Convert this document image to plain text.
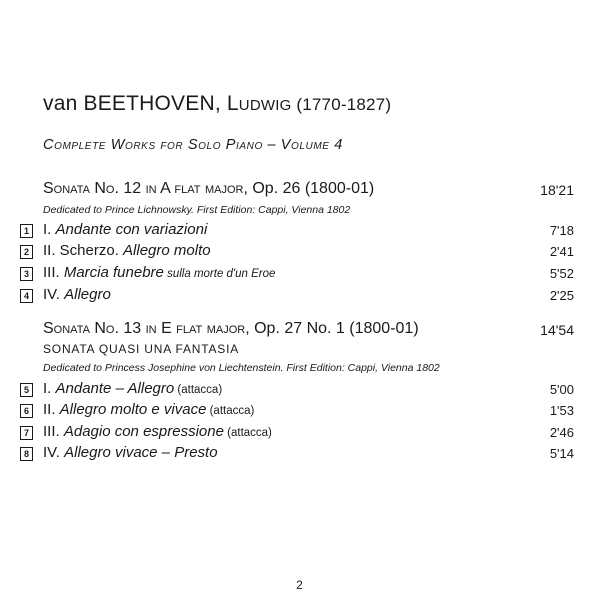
van BEETHOVEN, Ludwig (1770-1827)
Complete Works for Solo Piano – Volume 4
Sonata No. 12 in A flat major, Op. 26 (1800-01)	18'21
Dedicated to Prince Lichnowsky. First Edition: Cappi, Vienna 1802
1 I. Andante con variazioni	7'18
2 II. Scherzo. Allegro molto	2'41
3 III. Marcia funebre sulla morte d'un Eroe	5'52
4 IV. Allegro	2'25
Sonata No. 13 in E flat major, Op. 27 No. 1 (1800-01)	14'54
SONATA QUASI UNA FANTASIA
Dedicated to Princess Josephine von Liechtenstein. First Edition: Cappi, Vienna 1802
5 I. Andante – Allegro (attacca)	5'00
6 II. Allegro molto e vivace (attacca)	1'53
7 III. Adagio con espressione (attacca)	2'46
8 IV. Allegro vivace – Presto	5'14
2
